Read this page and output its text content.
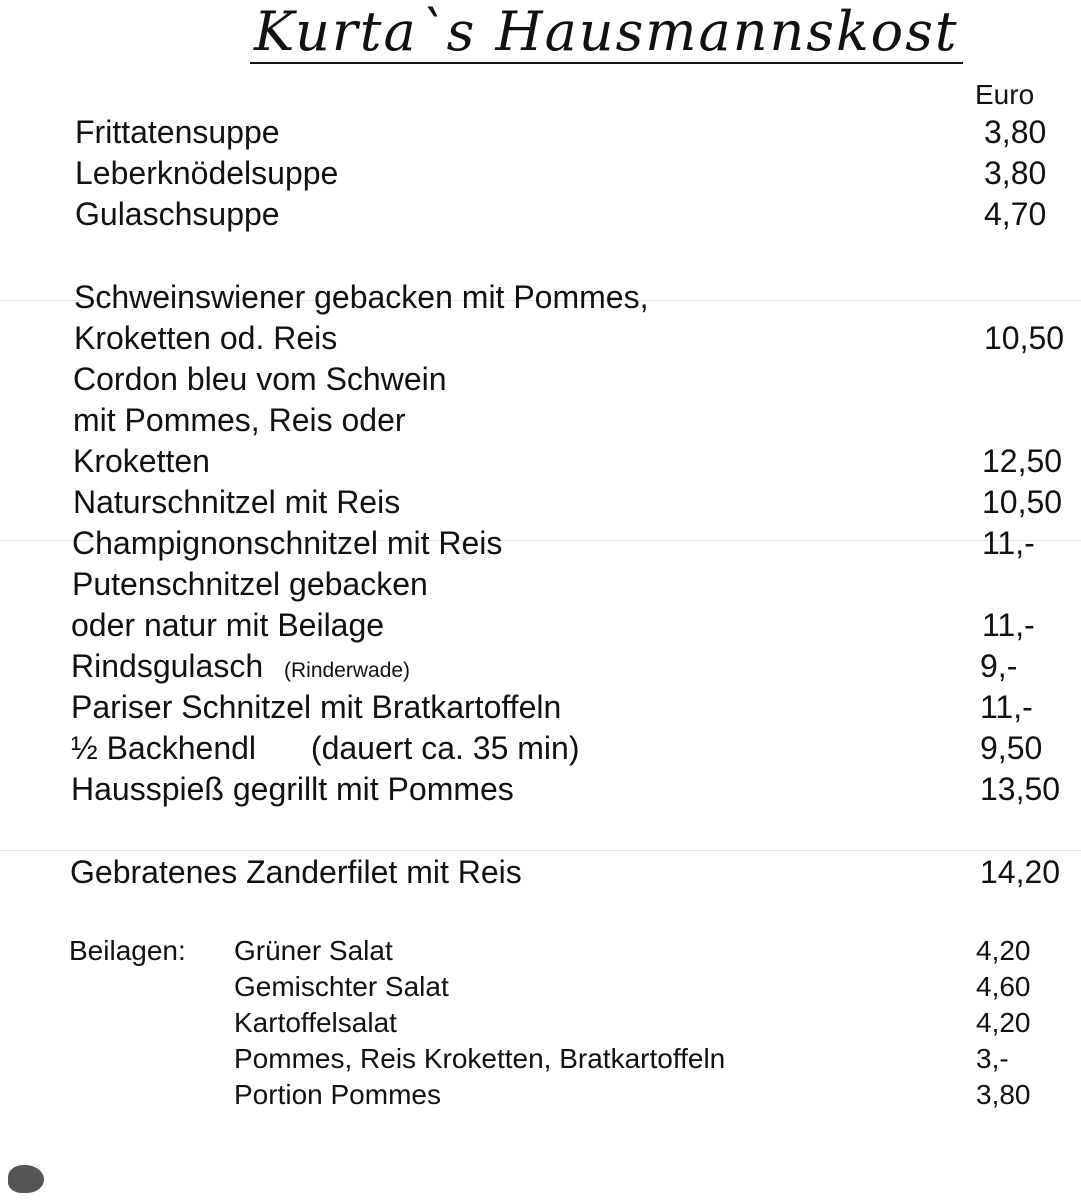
Kurta`s Hausmannskost
Euro
Frittatensuppe	3,80
Leberknödelsuppe	3,80
Gulaschsuppe	4,70
Schweinswiener gebacken mit Pommes,
Kroketten od. Reis	10,50
Cordon bleu vom Schwein
mit Pommes, Reis oder
Kroketten	12,50
Naturschnitzel mit Reis	10,50
Champignonschnitzel mit Reis	11,-
Putenschnitzel gebacken
oder natur mit Beilage	11,-
Rindsgulasch (Rinderwade)	9,-
Pariser Schnitzel mit Bratkartoffeln	11,-
½ Backhendl (dauert ca. 35 min)	9,50
Hausspieß gegrillt mit Pommes	13,50
Gebratenes Zanderfilet mit Reis	14,20
Beilagen: Grüner Salat	4,20
Gemischter Salat	4,60
Kartoffelsalat	4,20
Pommes, Reis Kroketten, Bratkartoffeln	3,-
Portion Pommes	3,80
